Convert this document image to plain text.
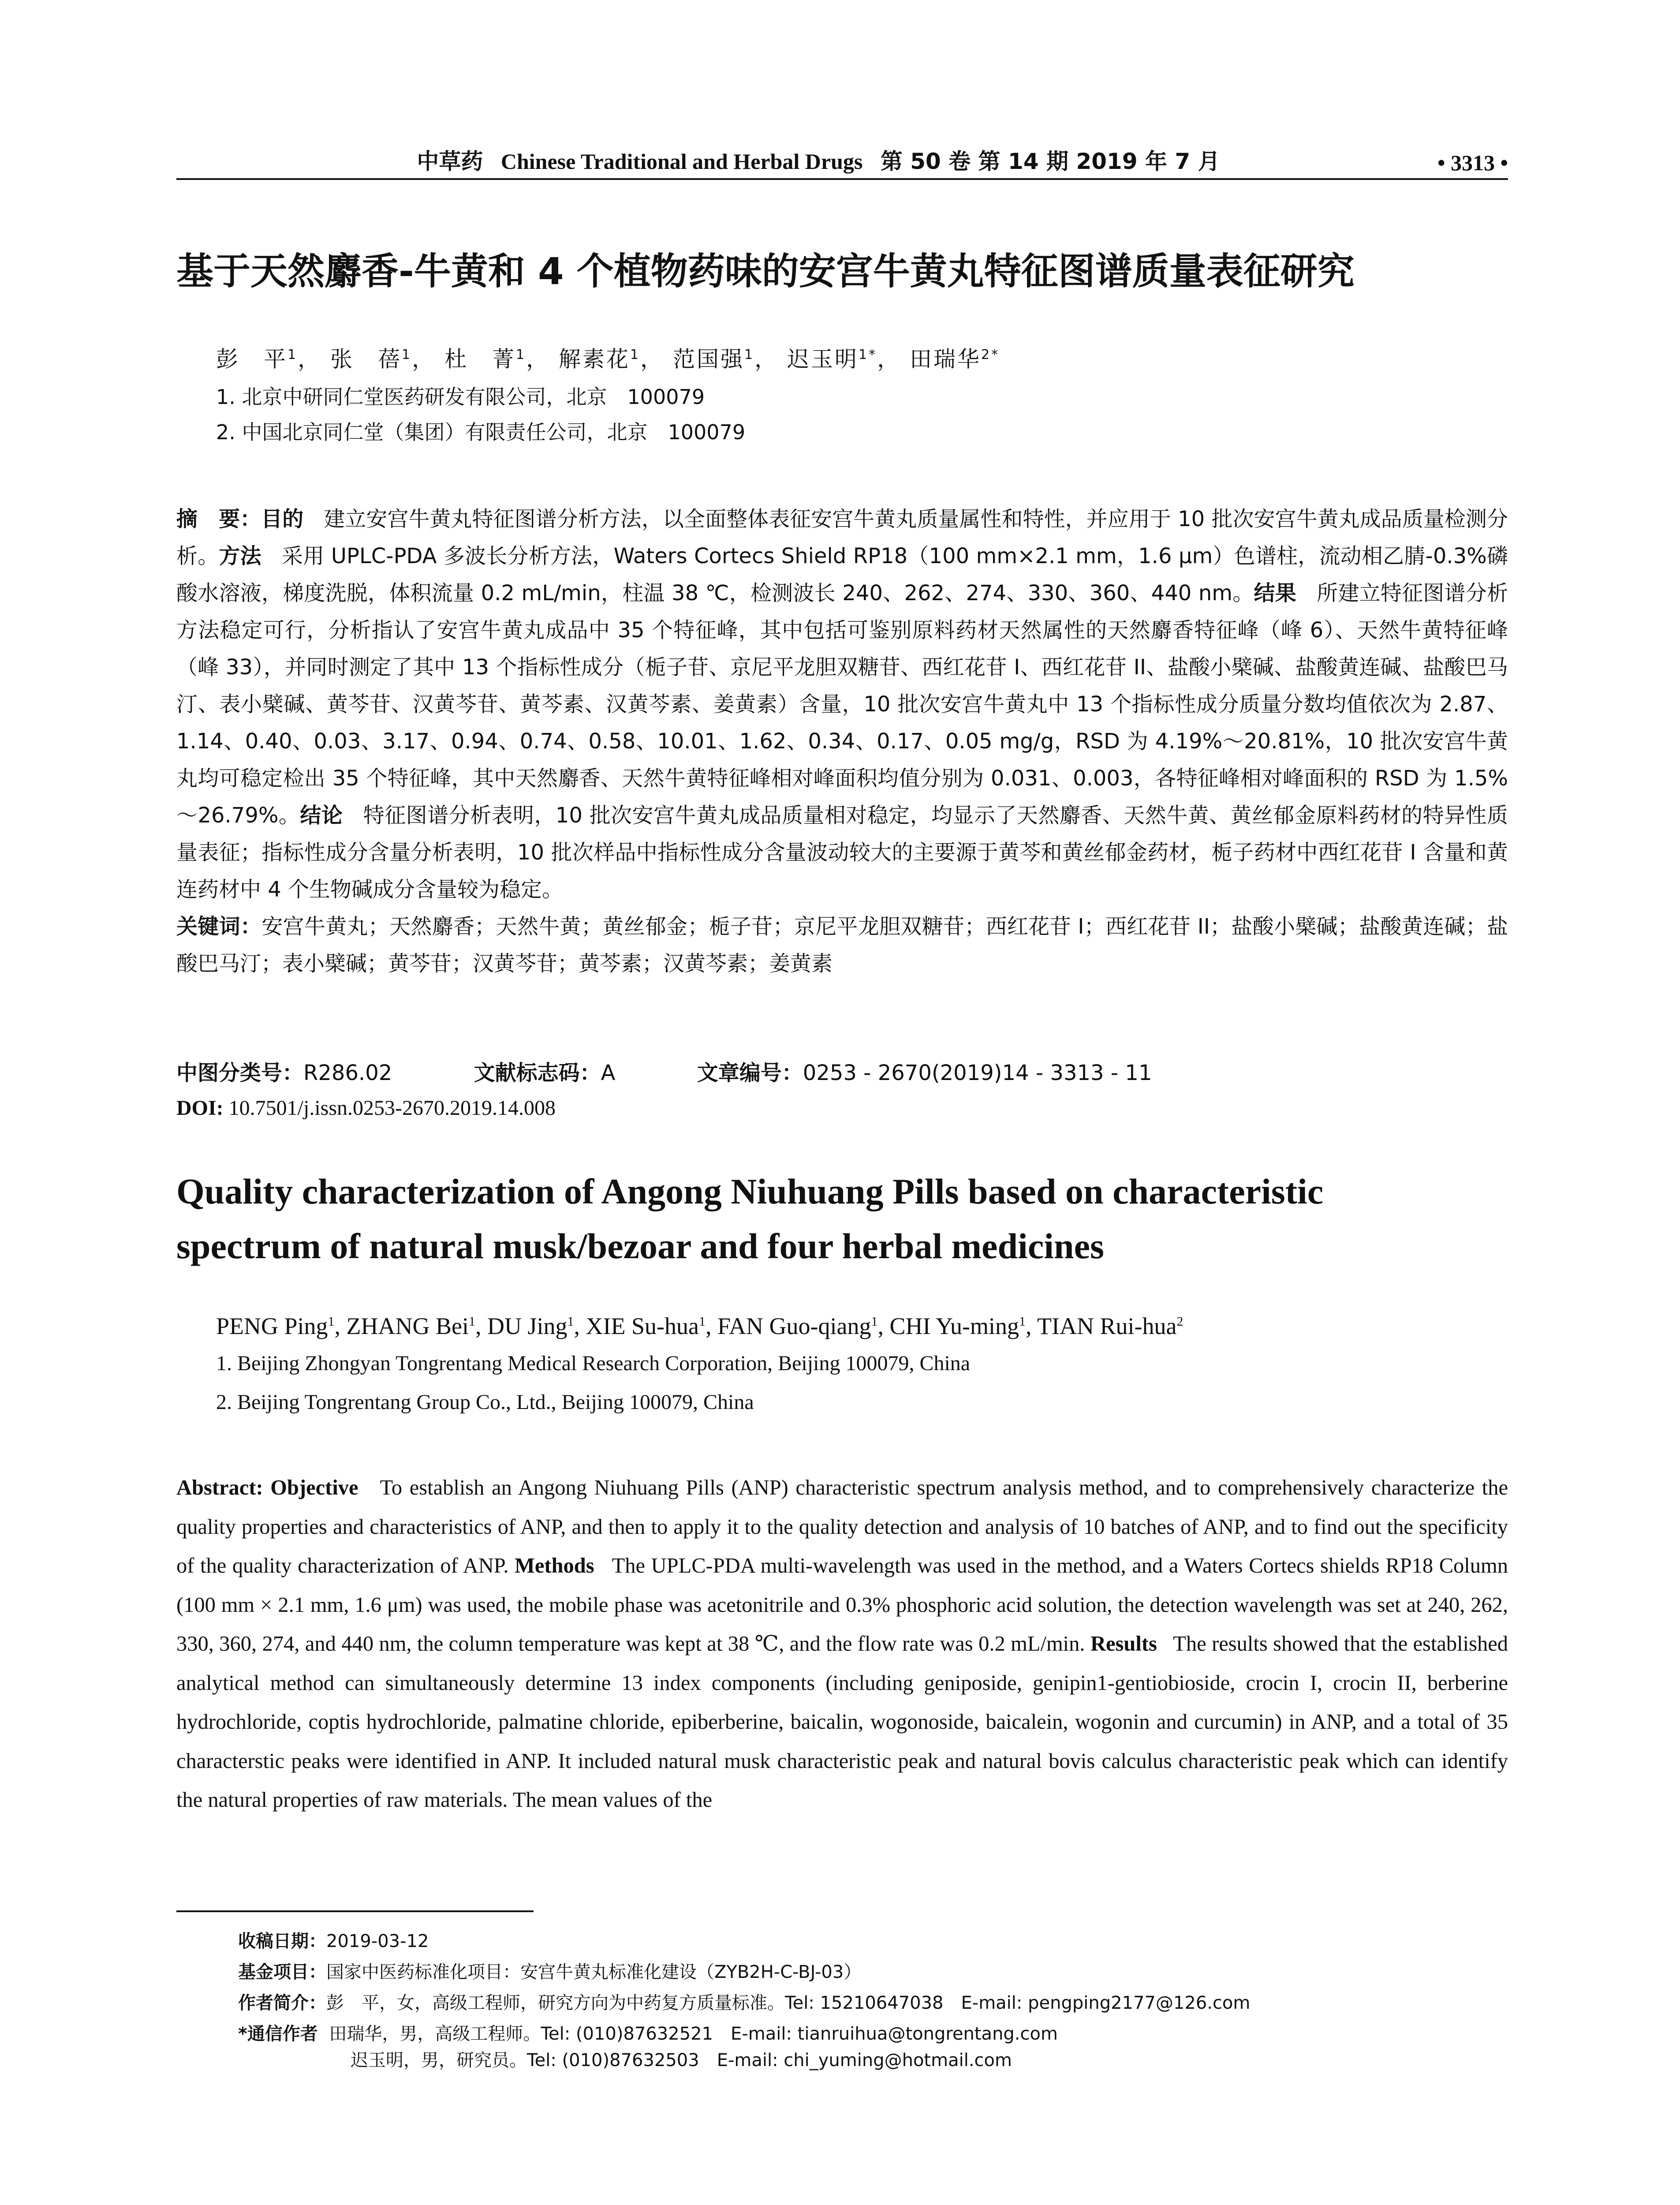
中草药 Chinese Traditional and Herbal Drugs 第 50 卷 第 14 期 2019 年 7 月	• 3313 •
基于天然麝香-牛黄和 4 个植物药味的安宫牛黄丸特征图谱质量表征研究
彭　平$^1$， 张　蓓$^1$， 杜　菁$^1$， 解素花$^1$， 范国强$^1$， 迟玉明$^{1*}$， 田瑞华$^{2*}$
1. 北京中研同仁堂医药研发有限公司，北京　100079
2. 中国北京同仁堂（集团）有限责任公司，北京　100079

摘　要：目的 建立安宫牛黄丸特征图谱分析方法，以全面整体表征安宫牛黄丸质量属性和特性，并应用于 10 批次安宫牛黄丸成品质量检测分析。方法 采用 UPLC-PDA 多波长分析方法，Waters Cortecs Shield RP18（100 mm×2.1 mm，1.6 μm）色谱柱，流动相乙腈-0.3%磷酸水溶液，梯度洗脱，体积流量 0.2 mL/min，柱温 38 ℃，检测波长 240、262、274、330、360、440 nm。结果 所建立特征图谱分析方法稳定可行，分析指认了安宫牛黄丸成品中 35 个特征峰，其中包括可鉴别原料药材天然属性的天然麝香特征峰（峰 6）、天然牛黄特征峰（峰 33），并同时测定了其中 13 个指标性成分（栀子苷、京尼平龙胆双糖苷、西红花苷 I、西红花苷 II、盐酸小檗碱、盐酸黄连碱、盐酸巴马汀、表小檗碱、黄芩苷、汉黄芩苷、黄芩素、汉黄芩素、姜黄素）含量，10 批次安宫牛黄丸中 13 个指标性成分质量分数均值依次为 2.87、1.14、0.40、0.03、3.17、0.94、0.74、0.58、10.01、1.62、0.34、0.17、0.05 mg/g，RSD 为 4.19%～20.81%，10 批次安宫牛黄丸均可稳定检出 35 个特征峰，其中天然麝香、天然牛黄特征峰相对峰面积均值分别为 0.031、0.003，各特征峰相对峰面积的 RSD 为 1.5%～26.79%。结论 特征图谱分析表明，10 批次安宫牛黄丸成品质量相对稳定，均显示了天然麝香、天然牛黄、黄丝郁金原料药材的特异性质量表征；指标性成分含量分析表明，10 批次样品中指标性成分含量波动较大的主要源于黄芩和黄丝郁金药材，栀子药材中西红花苷 I 含量和黄连药材中 4 个生物碱成分含量较为稳定。

关键词：安宫牛黄丸；天然麝香；天然牛黄；黄丝郁金；栀子苷；京尼平龙胆双糖苷；西红花苷 I；西红花苷 II；盐酸小檗碱；盐酸黄连碱；盐酸巴马汀；表小檗碱；黄芩苷；汉黄芩苷；黄芩素；汉黄芩素；姜黄素

中图分类号：R286.02	文献标志码：A	文章编号：0253 - 2670(2019)14 - 3313 - 11
DOI: 10.7501/j.issn.0253-2670.2019.14.008
Quality characterization of Angong Niuhuang Pills based on characteristic
spectrum of natural musk/bezoar and four herbal medicines
PENG Ping$^1$, ZHANG Bei$^1$, DU Jing$^1$, XIE Su-hua$^1$, FAN Guo-qiang$^1$, CHI Yu-ming$^1$, TIAN Rui-hua$^2$
1. Beijing Zhongyan Tongrentang Medical Research Corporation, Beijing 100079, China
2. Beijing Tongrentang Group Co., Ltd., Beijing 100079, China

Abstract: Objective To establish an Angong Niuhuang Pills (ANP) characteristic spectrum analysis method, and to comprehensively characterize the quality properties and characteristics of ANP, and then to apply it to the quality detection and analysis of 10 batches of ANP, and to find out the specificity of the quality characterization of ANP. Methods The UPLC-PDA multi-wavelength was used in the method, and a Waters Cortecs shields RP18 Column (100 mm × 2.1 mm, 1.6 μm) was used, the mobile phase was acetonitrile and 0.3% phosphoric acid solution, the detection wavelength was set at 240, 262, 330, 360, 274, and 440 nm, the column temperature was kept at 38 ℃, and the flow rate was 0.2 mL/min. Results The results showed that the established analytical method can simultaneously determine 13 index components (including geniposide, genipin1-gentiobioside, crocin I, crocin II, berberine hydrochloride, coptis hydrochloride, palmatine chloride, epiberberine, baicalin, wogonoside, baicalein, wogonin and curcumin) in ANP, and a total of 35 characterstic peaks were identified in ANP. It included natural musk characteristic peak and natural bovis calculus characteristic peak which can identify the natural properties of raw materials. The mean values of the

收稿日期：2019-03-12
基金项目：国家中医药标准化项目：安宫牛黄丸标准化建设（ZYB2H-C-BJ-03）
作者简介：彭　平，女，高级工程师，研究方向为中药复方质量标准。Tel: 15210647038　E-mail: pengping2177@126.com
*通信作者 田瑞华，男，高级工程师。Tel: (010)87632521　E-mail: tianruihua@tongrentang.com
迟玉明，男，研究员。Tel: (010)87632503　E-mail: chi_yuming@hotmail.com
